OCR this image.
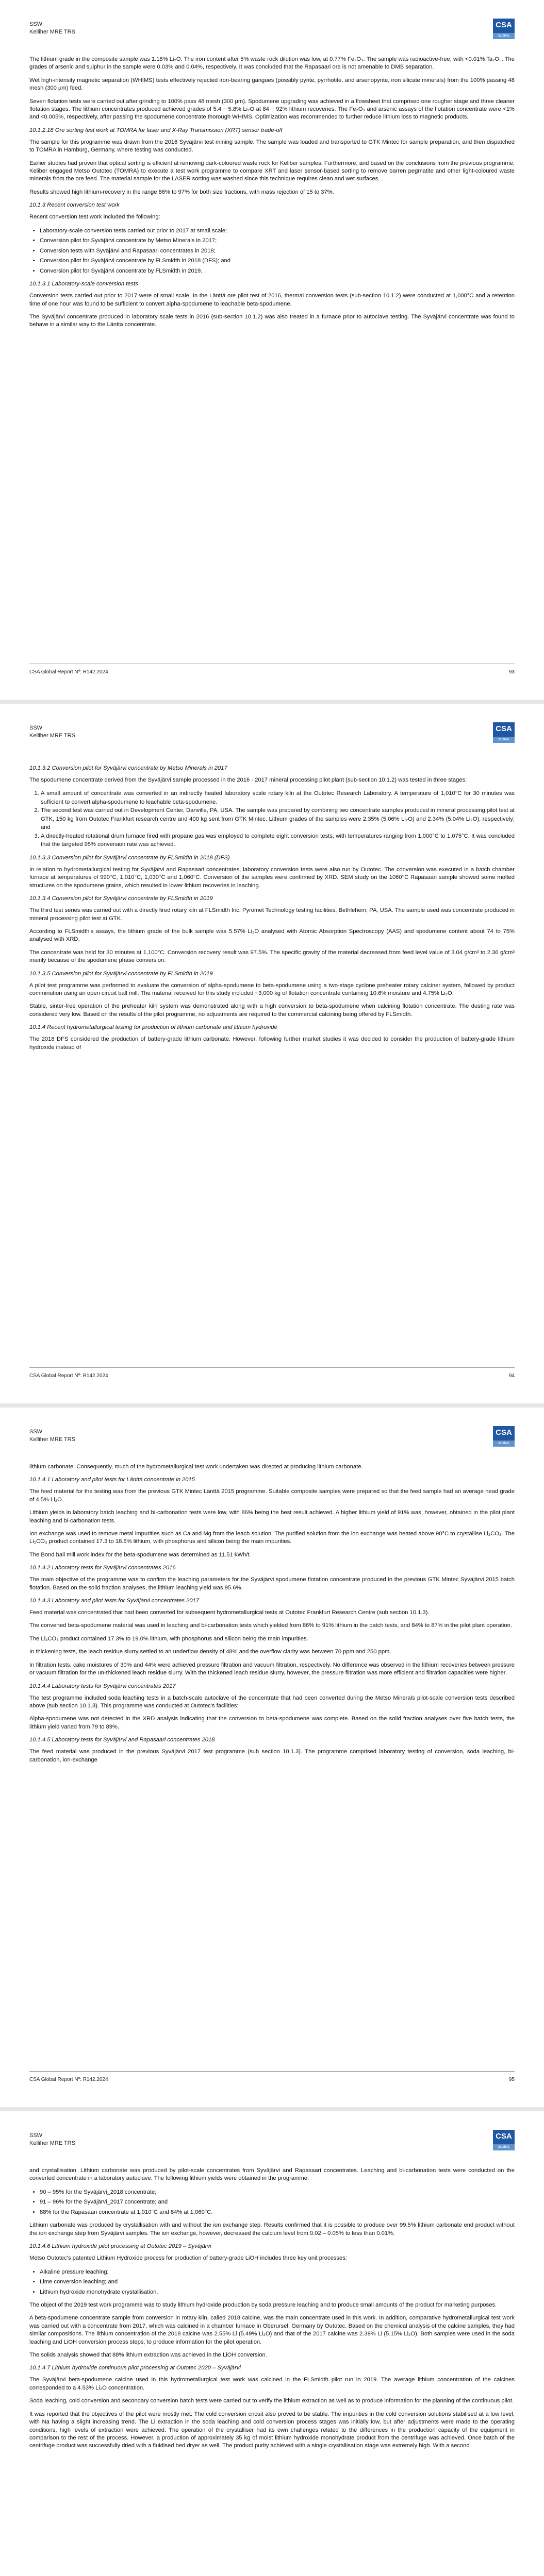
SSW
Kelliher MRE TRS
CSA
GLOBAL

The lithium grade in the composite sample was 1.18% Li₂O. The iron content after 5% waste rock dilution was low, at 0.77% Fe₂O₃. The sample was radioactive-free, with <0.01% Ta₂O₅. The grades of arsenic and sulphur in the sample were 0.03% and 0.04%, respectively. It was concluded that the Rapasaari ore is not amenable to DMS separation.

Wet high-intensity magnetic separation (WHIMS) tests effectively rejected iron-bearing gangues (possibly pyrite, pyrrhotite, and arsenopyrite, iron silicate minerals) from the 100% passing 48 mesh (300 µm) feed.

Seven flotation tests were carried out after grinding to 100% pass 48 mesh (300 µm). Spodumene upgrading was achieved in a flowsheet that comprised one rougher stage and three cleaner flotation stages. The lithium concentrates produced achieved grades of 5.4 − 5.8% Li₂O at 84 − 92% lithium recoveries. The Fe₂O₃ and arsenic assays of the flotation concentrate were <1% and <0.005%, respectively, after passing the spodumene concentrate thorough WHIMS. Optimization was recommended to further reduce lithium loss to magnetic products.

10.1.2.18 Ore sorting test work at TOMRA for laser and X-Ray Transmission (XRT) sensor trade-off

The sample for this programme was drawn from the 2016 Syväjärvi test mining sample. The sample was loaded and transported to GTK Mintec for sample preparation, and then dispatched to TOMRA in Hamburg, Germany, where testing was conducted.

Earlier studies had proven that optical sorting is efficient at removing dark-coloured waste rock for Keliber samples. Furthermore, and based on the conclusions from the previous programme, Keliber engaged Metso Outotec (TOMRA) to execute a test work programme to compare XRT and laser sensor-based sorting to remove barren pegmatite and other light-coloured waste minerals from the ore feed. The material sample for the LASER sorting was washed since this technique requires clean and wet surfaces.

Results showed high lithium-recovery in the range 86% to 97% for both size fractions, with mass rejection of 15 to 37%.

10.1.3 Recent conversion test work

Recent conversion test work included the following:

• Laboratory-scale conversion tests carried out prior to 2017 at small scale;
• Conversion pilot for Syväjärvi concentrate by Metso Minerals in 2017;
• Conversion tests with Syväjärvi and Rapasaari concentrates in 2018;
• Conversion pilot for Syväjärvi concentrate by FLSmidth in 2018 (DFS); and
• Conversion pilot for Syväjärvi concentrate by FLSmidth in 2019.
10.1.3.1 Laboratory-scale conversion tests

Conversion tests carried out prior to 2017 were of small scale. In the Länttä ore pilot test of 2016, thermal conversion tests (sub-section 10.1.2) were conducted at 1,000°C and a retention time of one hour was found to be sufficient to convert alpha-spodumene to leachable beta-spodumene.

The Syväjärvi concentrate produced in laboratory scale tests in 2016 (sub-section 10.1.2) was also treated in a furnace prior to autoclave testing. The Syväjärvi concentrate was found to behave in a similar way to the Länttä concentrate.

CSA Global Report Nº: R142.2024	93
SSW
Kelliher MRE TRS
CSA
GLOBAL
10.1.3.2 Conversion pilot for Syväjärvi concentrate by Metso Minerals in 2017

The spodumene concentrate derived from the Syväjärvi sample processed in the 2016 - 2017 mineral processing pilot plant (sub-section 10.1.2) was tested in three stages:

1. A small amount of concentrate was converted in an indirectly heated laboratory scale rotary kiln at the Outotec Research Laboratory. A temperature of 1,010°C for 30 minutes was sufficient to convert alpha-spodumene to leachable beta-spodumene.
2. The second test was carried out in Development Center, Danville, PA, USA. The sample was prepared by combining two concentrate samples produced in mineral processing pilot test at GTK, 150 kg from Outotec Frankfurt research centre and 400 kg sent from GTK Mintec. Lithium grades of the samples were 2.35% (5.06% Li₂O) and 2.34% (5.04% Li₂O), respectively; and
3. A directly-heated rotational drum furnace fired with propane gas was employed to complete eight conversion tests, with temperatures ranging from 1,000°C to 1,075°C. It was concluded that the targeted 95% conversion rate was achieved.
10.1.3.3 Conversion pilot for Syväjärvi concentrate by FLSmidth in 2018 (DFS)

In relation to hydrometallurgical testing for Syväjärvi and Rapasaari concentrates, laboratory conversion tests were also run by Outotec. The conversion was executed in a batch chamber furnace at temperatures of 990°C, 1,010°C, 1,030°C and 1,060°C. Conversion of the samples were confirmed by XRD. SEM study on the 1060°C Rapasaari sample showed some molted structures on the spodumene grains, which resulted in lower lithium recoveries in leaching.

10.1.3.4 Conversion pilot for Syväjärvi concentrate by FLSmidth in 2019

The third test series was carried out with a directly fired rotary kiln at FLSmidth Inc. Pyromet Technology testing facilities, Bethlehem, PA, USA. The sample used was concentrate produced in mineral processing pilot test at GTK.

According to FLSmidth's assays, the lithium grade of the bulk sample was 5.57% Li₂O analysed with Atomic Absorption Spectroscopy (AAS) and spodumene content about 74 to 75% analysed with XRD.

The concentrate was held for 30 minutes at 1,100°C. Conversion recovery result was 97.5%. The specific gravity of the material decreased from feed level value of 3.04 g/cm³ to 2.36 g/cm³ mainly because of the spodumene phase conversion.

10.1.3.5 Conversion pilot for Syväjärvi concentrate by FLSmidth in 2019

A pilot test programme was performed to evaluate the conversion of alpha-spodumene to beta-spodumene using a two-stage cyclone preheater rotary calciner system, followed by product comminution using an open circuit ball mill. The material received for this study included ~3,000 kg of flotation concentrate containing 10.6% moisture and 4.75% Li₂O.

Stable, sinter-free operation of the preheater kiln system was demonstrated along with a high conversion to beta-spodumene when calcining flotation concentrate. The dusting rate was considered very low. Based on the results of the pilot programme, no adjustments are required to the commercial calcining being offered by FLSmidth.

10.1.4 Recent hydrometallurgical testing for production of lithium carbonate and lithium hydroxide

The 2018 DFS considered the production of battery-grade lithium carbonate. However, following further market studies it was decided to consider the production of battery-grade lithium hydroxide instead of

CSA Global Report Nº: R142.2024	94
SSW
Kelliher MRE TRS
CSA
GLOBAL

lithium carbonate. Consequently, much of the hydrometallurgical test work undertaken was directed at producing lithium carbonate.

10.1.4.1 Laboratory and pilot tests for Länttä concentrate in 2015

The feed material for the testing was from the previous GTK Mintec Länttä 2015 programme. Suitable composite samples were prepared so that the feed sample had an average head grade of 4.5% Li₂O.

Lithium yields in laboratory batch leaching and bi-carbonation tests were low, with 86% being the best result achieved. A higher lithium yield of 91% was, however, obtained in the pilot plant leaching and bi-carbonation tests.

Ion exchange was used to remove metal impurities such as Ca and Mg from the leach solution. The purified solution from the ion exchange was heated above 90°C to crystallise Li₂CO₃. The Li₂CO₃ product contained 17.3 to 18.6% lithium, with phosphorus and silicon being the main impurities.

The Bond ball mill work index for the beta-spodumene was determined as 11.51 kWh/t.

10.1.4.2 Laboratory tests for Syväjärvi concentrates 2016

The main objective of the programme was to confirm the leaching parameters for the Syväjärvi spodumene flotation concentrate produced in the previous GTK Mintec Syväjärvi 2015 batch flotation. Based on the solid fraction analyses, the lithium leaching yield was 95.6%.

10.1.4.3 Laboratory and pilot tests for Syväjärvi concentrates 2017

Feed material was concentrated that had been converted for subsequent hydrometallurgical tests at Outotec Frankfurt Research Centre (sub section 10.1.3).

The converted beta-spodumene material was used in leaching and bi-carbonation tests which yielded from 86% to 91% lithium in the batch tests, and 84% to 87% in the pilot plant operation.

The Li₂CO₃ product contained 17.3% to 19.0% lithium, with phosphorus and silicon being the main impurities.

In thickening tests, the leach residue slurry settled to an underflow density of 48% and the overflow clarity was between 70 ppm and 250 ppm.

In filtration tests, cake moistures of 30% and 44% were achieved pressure filtration and vacuum filtration, respectively. No difference was observed in the lithium recoveries between pressure or vacuum filtration for the un-thickened leach residue slurry. With the thickened leach residue slurry, however, the pressure filtration was more efficient and filtration capacities were higher.

10.1.4.4 Laboratory tests for Syväjärvi concentrates 2017

The test programme included soda leaching tests in a batch-scale autoclave of the concentrate that had been converted during the Metso Minerals pilot-scale conversion tests described above (sub section 10.1.3). This programme was conducted at Outotec's facilities:

Alpha-spodumene was not detected in the XRD analysis indicating that the conversion to beta-spodumene was complete. Based on the solid fraction analyses over five batch tests, the lithium yield varied from 79 to 89%.

10.1.4.5 Laboratory tests for Syväjärvi and Rapasaari concentrates 2018

The feed material was produced in the previous Syväjärvi 2017 test programme (sub section 10.1.3). The programme comprised laboratory testing of conversion, soda leaching, bi-carbonation, ion-exchange

CSA Global Report Nº: R142.2024	95
SSW
Kelliher MRE TRS
CSA
GLOBAL

and crystallisation. Lithium carbonate was produced by pilot-scale concentrates from Syväjärvi and Rapasaari concentrates. Leaching and bi-carbonation tests were conducted on the converted concentrate in a laboratory autoclave. The following lithium yields were obtained in the programme:

• 90 – 95% for the Syväjärvi_2018 concentrate;
• 91 – 96% for the Syväjärvi_2017 concentrate; and
• 88% for the Rapasaari concentrate at 1,010°C and 84% at 1,060°C.

Lithium carbonate was produced by crystallisation with and without the ion exchange step. Results confirmed that it is possible to produce over 99.5% lithium carbonate end product without the ion exchange step from Syväjärvi samples. The ion exchange, however, decreased the calcium level from 0.02 – 0.05% to less than 0.01%.

10.1.4.6 Lithium hydroxide pilot processing at Outotec 2019 – Syväjärvi

Metso Outotec's patented Lithium Hydroxide process for production of battery-grade LiOH includes three key unit processes:

• Alkaline pressure leaching;
• Lime conversion leaching; and
• Lithium hydroxide monohydrate crystallisation.

The object of the 2019 test work programme was to study lithium hydroxide production by soda pressure leaching and to produce small amounts of the product for marketing purposes.

A beta-spodumene concentrate sample from conversion in rotary kiln, called 2018 calcine, was the main concentrate used in this work. In addition, comparative hydrometallurgical test work was carried out with a concentrate from 2017, which was calcined in a chamber furnace in Oberursel, Germany by Outotec. Based on the chemical analysis of the calcine samples, they had similar compositions. The lithium concentration of the 2018 calcine was 2.55% Li (5.49% Li₂O) and that of the 2017 calcine was 2.39% Li (5.15% Li₂O). Both samples were used in the soda leaching and LiOH conversion process steps, to produce information for the pilot operation.

The solids analysis showed that 88% lithium extraction was achieved in the LiOH conversion.

10.1.4.7 Lithium hydroxide continuous pilot processing at Outotec 2020 – Syväjärvi

The Syväjärvi beta-spodumene calcine used in this hydrometallurgical test work was calcined in the FLSmidth pilot run in 2019. The average lithium concentration of the calcines corresponded to a 4.53% Li₂O concentration.

Soda leaching, cold conversion and secondary conversion batch tests were carried out to verify the lithium extraction as well as to produce information for the planning of the continuous pilot.

It was reported that the objectives of the pilot were mostly met. The cold conversion circuit also proved to be stable. The impurities in the cold conversion solutions stabilised at a low level, with Na having a slight increasing trend. The Li extraction in the soda leaching and cold conversion process stages was initially low, but after adjustments were made to the operating conditions, high levels of extraction were achieved. The operation of the crystalliser had its own challenges related to the differences in the production capacity of the equipment in comparison to the rest of the process. However, a production of approximately 35 kg of moist lithium hydroxide monohydrate product from the centrifuge was achieved. Once batch of the centrifuge product was successfully dried with a fluidised bed dryer as well. The product purity achieved with a single crystallisation stage was extremely high. With a second
